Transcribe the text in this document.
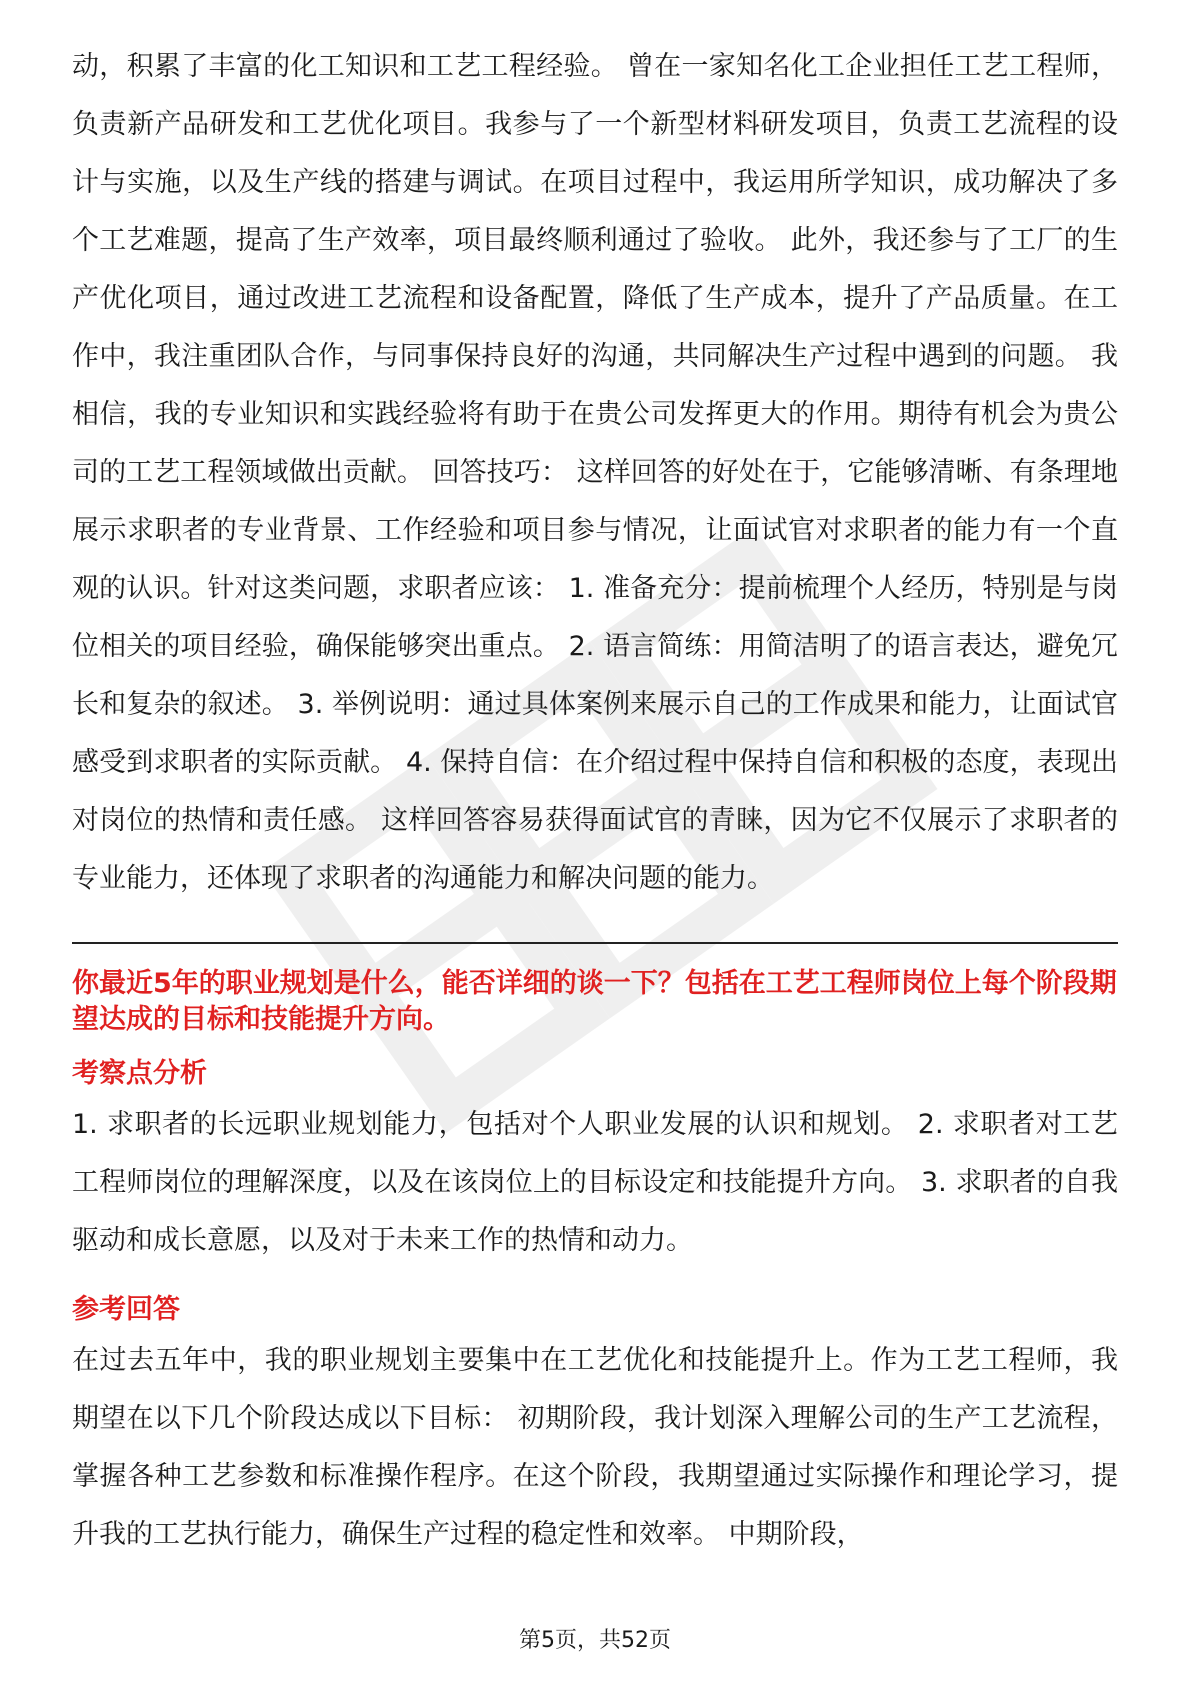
动，积累了丰富的化工知识和工艺工程经验。 曾在一家知名化工企业担任工艺工程师，负责新产品研发和工艺优化项目。我参与了一个新型材料研发项目，负责工艺流程的设计与实施，以及生产线的搭建与调试。在项目过程中，我运用所学知识，成功解决了多个工艺难题，提高了生产效率，项目最终顺利通过了验收。 此外，我还参与了工厂的生产优化项目，通过改进工艺流程和设备配置，降低了生产成本，提升了产品质量。在工作中，我注重团队合作，与同事保持良好的沟通，共同解决生产过程中遇到的问题。 我相信，我的专业知识和实践经验将有助于在贵公司发挥更大的作用。期待有机会为贵公司的工艺工程领域做出贡献。 回答技巧： 这样回答的好处在于，它能够清晰、有条理地展示求职者的专业背景、工作经验和项目参与情况，让面试官对求职者的能力有一个直观的认识。针对这类问题，求职者应该： 1. 准备充分：提前梳理个人经历，特别是与岗位相关的项目经验，确保能够突出重点。 2. 语言简练：用简洁明了的语言表达，避免冗长和复杂的叙述。 3. 举例说明：通过具体案例来展示自己的工作成果和能力，让面试官感受到求职者的实际贡献。 4. 保持自信：在介绍过程中保持自信和积极的态度，表现出对岗位的热情和责任感。 这样回答容易获得面试官的青睐，因为它不仅展示了求职者的专业能力，还体现了求职者的沟通能力和解决问题的能力。

你最近5年的职业规划是什么，能否详细的谈一下？包括在工艺工程师岗位上每个阶段期望达成的目标和技能提升方向。

考察点分析

1. 求职者的长远职业规划能力，包括对个人职业发展的认识和规划。 2. 求职者对工艺工程师岗位的理解深度，以及在该岗位上的目标设定和技能提升方向。 3. 求职者的自我驱动和成长意愿，以及对于未来工作的热情和动力。

参考回答

在过去五年中，我的职业规划主要集中在工艺优化和技能提升上。作为工艺工程师，我期望在以下几个阶段达成以下目标： 初期阶段，我计划深入理解公司的生产工艺流程，掌握各种工艺参数和标准操作程序。在这个阶段，我期望通过实际操作和理论学习，提升我的工艺执行能力，确保生产过程的稳定性和效率。 中期阶段，

第5页，共52页
